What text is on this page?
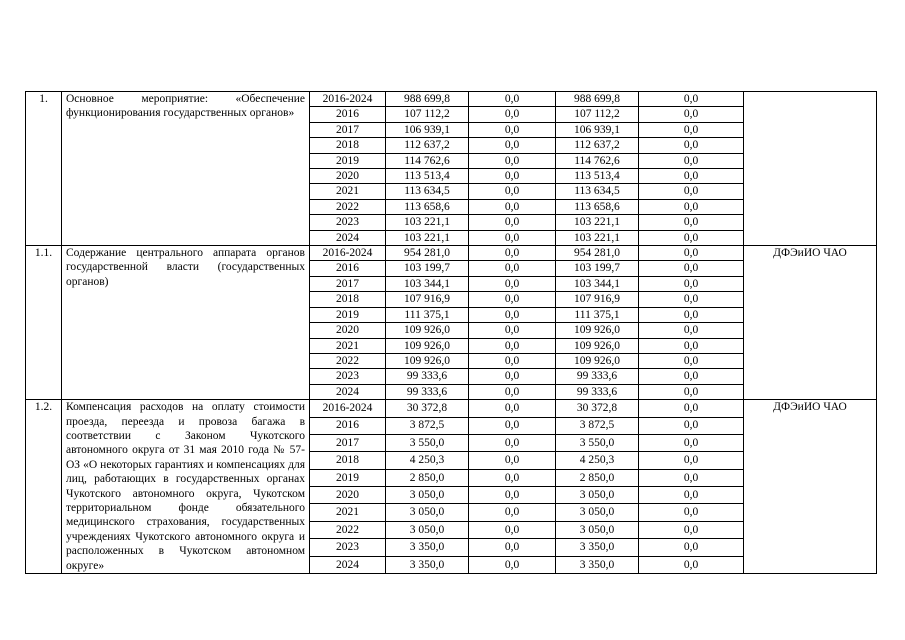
1.	Основное мероприятие: «Обеспечение функционирования государственных органов»	2016-2024	988 699,8	0,0	988 699,8	0,0	
		2016	107 112,2	0,0	107 112,2	0,0	
		2017	106 939,1	0,0	106 939,1	0,0	
		2018	112 637,2	0,0	112 637,2	0,0	
		2019	114 762,6	0,0	114 762,6	0,0	
		2020	113 513,4	0,0	113 513,4	0,0	
		2021	113 634,5	0,0	113 634,5	0,0	
		2022	113 658,6	0,0	113 658,6	0,0	
		2023	103 221,1	0,0	103 221,1	0,0	
		2024	103 221,1	0,0	103 221,1	0,0	
1.1.	Содержание центрального аппарата органов государственной власти (государственных органов)	2016-2024	954 281,0	0,0	954 281,0	0,0	ДФЭиИО ЧАО
		2016	103 199,7	0,0	103 199,7	0,0	
		2017	103 344,1	0,0	103 344,1	0,0	
		2018	107 916,9	0,0	107 916,9	0,0	
		2019	111 375,1	0,0	111 375,1	0,0	
		2020	109 926,0	0,0	109 926,0	0,0	
		2021	109 926,0	0,0	109 926,0	0,0	
		2022	109 926,0	0,0	109 926,0	0,0	
		2023	99 333,6	0,0	99 333,6	0,0	
		2024	99 333,6	0,0	99 333,6	0,0	
1.2.	Компенсация расходов на оплату стоимости проезда, переезда и провоза багажа в соответствии с Законом Чукотского автономного округа от 31 мая 2010 года № 57-ОЗ «О некоторых гарантиях и компенсациях для лиц, работающих в государственных органах Чукотского автономного округа, Чукотском территориальном фонде обязательного медицинского страхования, государственных учреждениях Чукотского автономного округа и расположенных в Чукотском автономном округе»	2016-2024	30 372,8	0,0	30 372,8	0,0	ДФЭиИО ЧАО
		2016	3 872,5	0,0	3 872,5	0,0	
		2017	3 550,0	0,0	3 550,0	0,0	
		2018	4 250,3	0,0	4 250,3	0,0	
		2019	2 850,0	0,0	2 850,0	0,0	
		2020	3 050,0	0,0	3 050,0	0,0	
		2021	3 050,0	0,0	3 050,0	0,0	
		2022	3 050,0	0,0	3 050,0	0,0	
		2023	3 350,0	0,0	3 350,0	0,0	
		2024	3 350,0	0,0	3 350,0	0,0	
